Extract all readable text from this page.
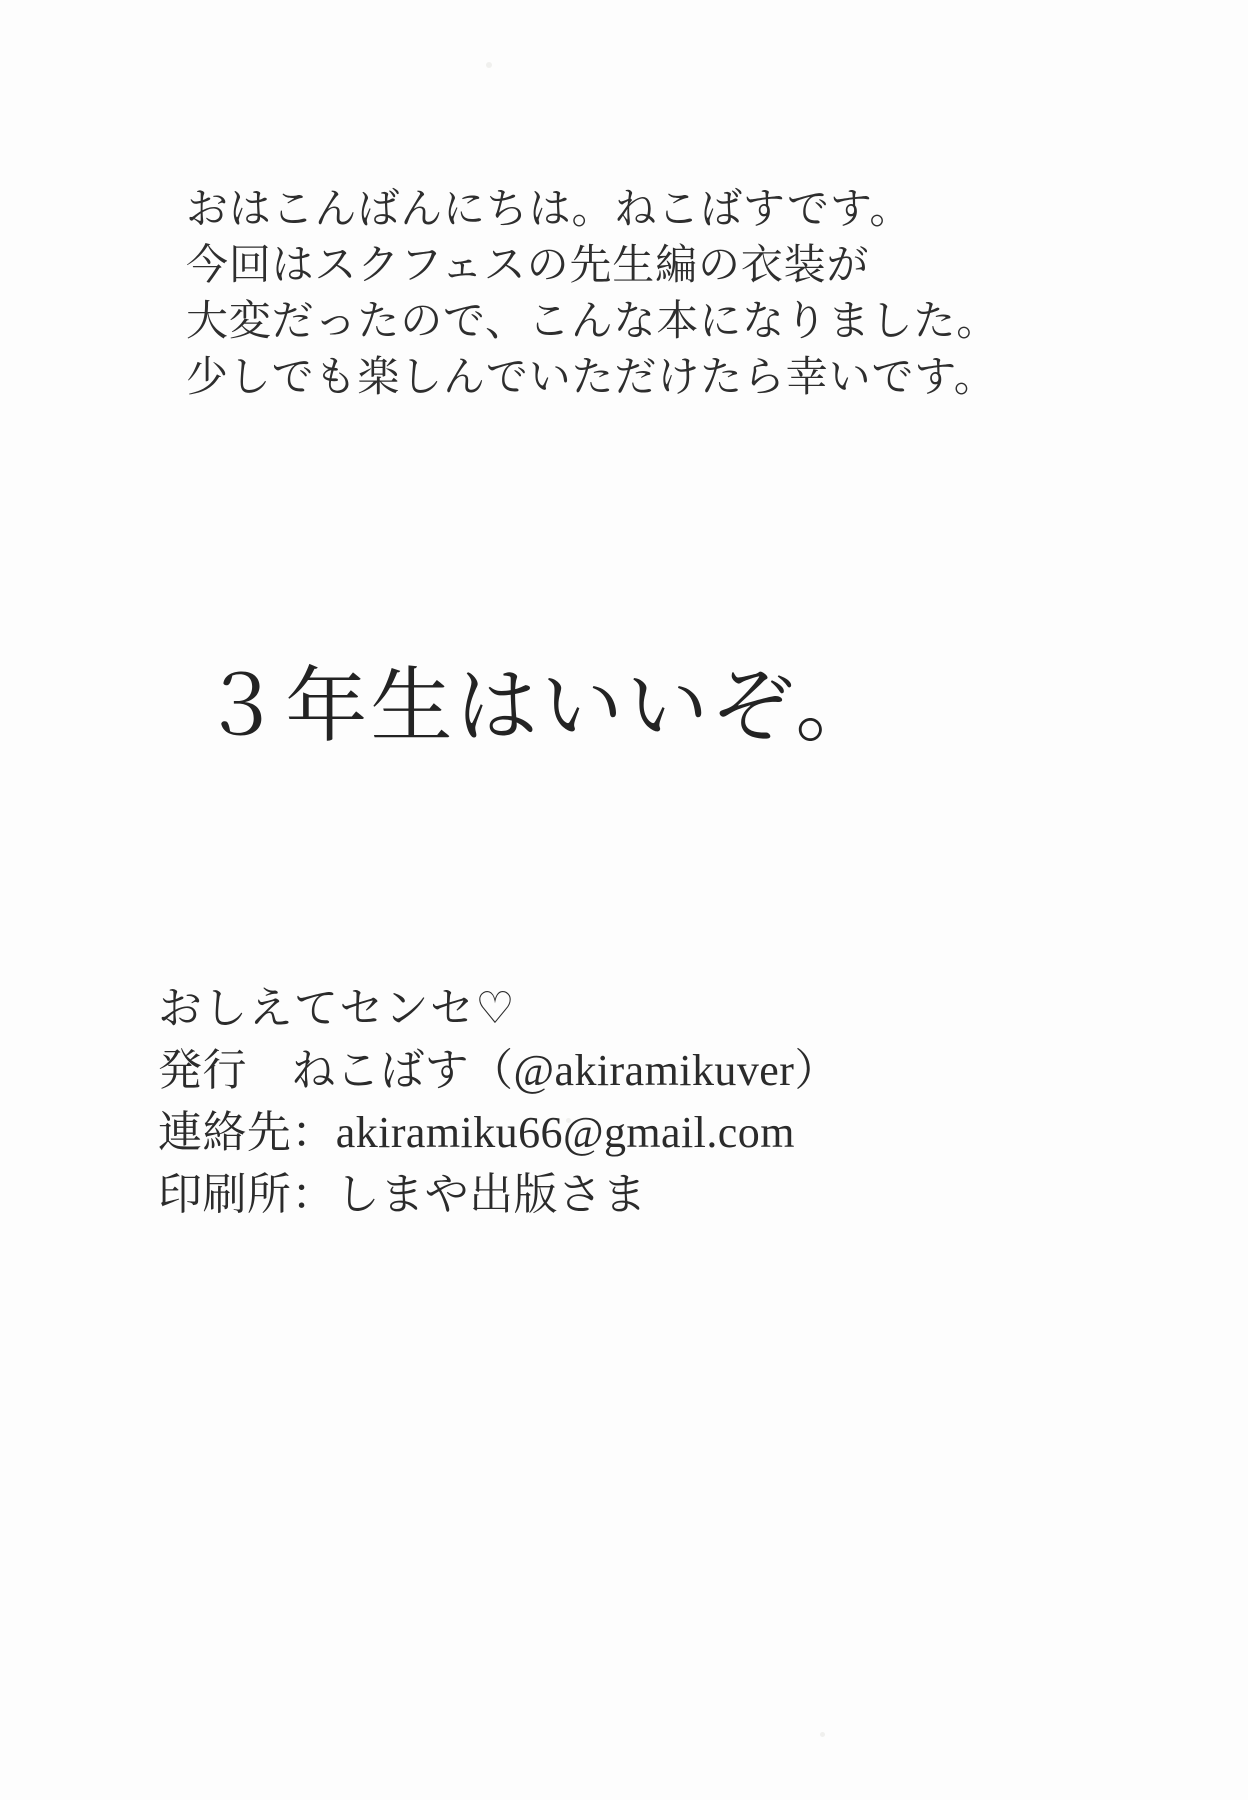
おはこんばんにちは。ねこばすです。
今回はスクフェスの先生編の衣装が
大変だったので、こんな本になりました。
少しでも楽しんでいただけたら幸いです。
３年生はいいぞ。
おしえてセンセ♡
発行　ねこばす（@akiramikuver）
連絡先：akiramiku66@gmail.com
印刷所：しまや出版さま
